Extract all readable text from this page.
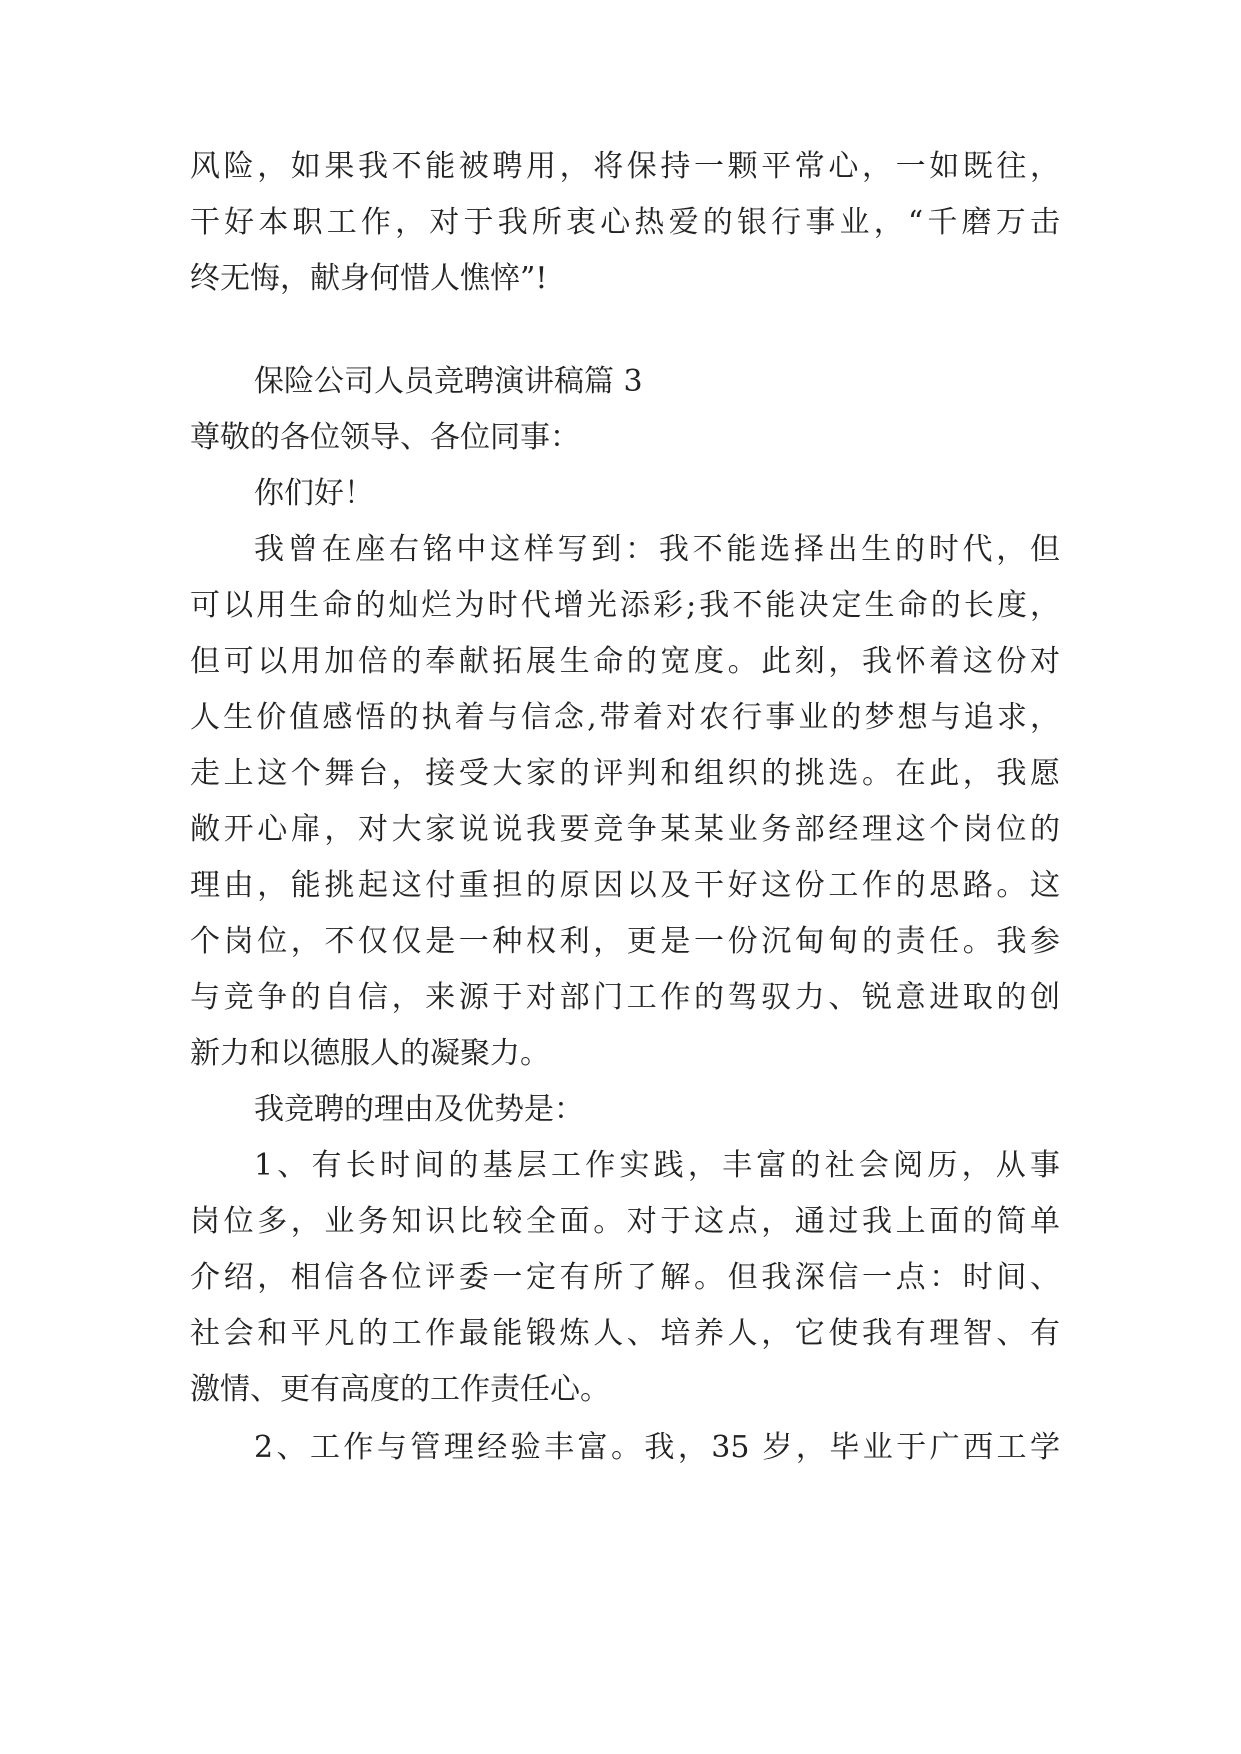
风险，如果我不能被聘用，将保持一颗平常心，一如既往，

干好本职工作，对于我所衷心热爱的银行事业，“千磨万击

终无悔，献身何惜人憔悴”!

保险公司人员竞聘演讲稿篇 3

尊敬的各位领导、各位同事：

你们好！

我曾在座右铭中这样写到：我不能选择出生的时代，但

可以用生命的灿烂为时代增光添彩;我不能决定生命的长度，

但可以用加倍的奉献拓展生命的宽度。此刻，我怀着这份对

人生价值感悟的执着与信念,带着对农行事业的梦想与追求，

走上这个舞台，接受大家的评判和组织的挑选。在此，我愿

敞开心扉，对大家说说我要竞争某某业务部经理这个岗位的

理由，能挑起这付重担的原因以及干好这份工作的思路。这

个岗位，不仅仅是一种权利，更是一份沉甸甸的责任。我参

与竞争的自信，来源于对部门工作的驾驭力、锐意进取的创

新力和以德服人的凝聚力。

我竞聘的理由及优势是：

1、有长时间的基层工作实践，丰富的社会阅历，从事

岗位多，业务知识比较全面。对于这点，通过我上面的简单

介绍，相信各位评委一定有所了解。但我深信一点：时间、

社会和平凡的工作最能锻炼人、培养人，它使我有理智、有

激情、更有高度的工作责任心。

2、工作与管理经验丰富。我，35 岁，毕业于广西工学
